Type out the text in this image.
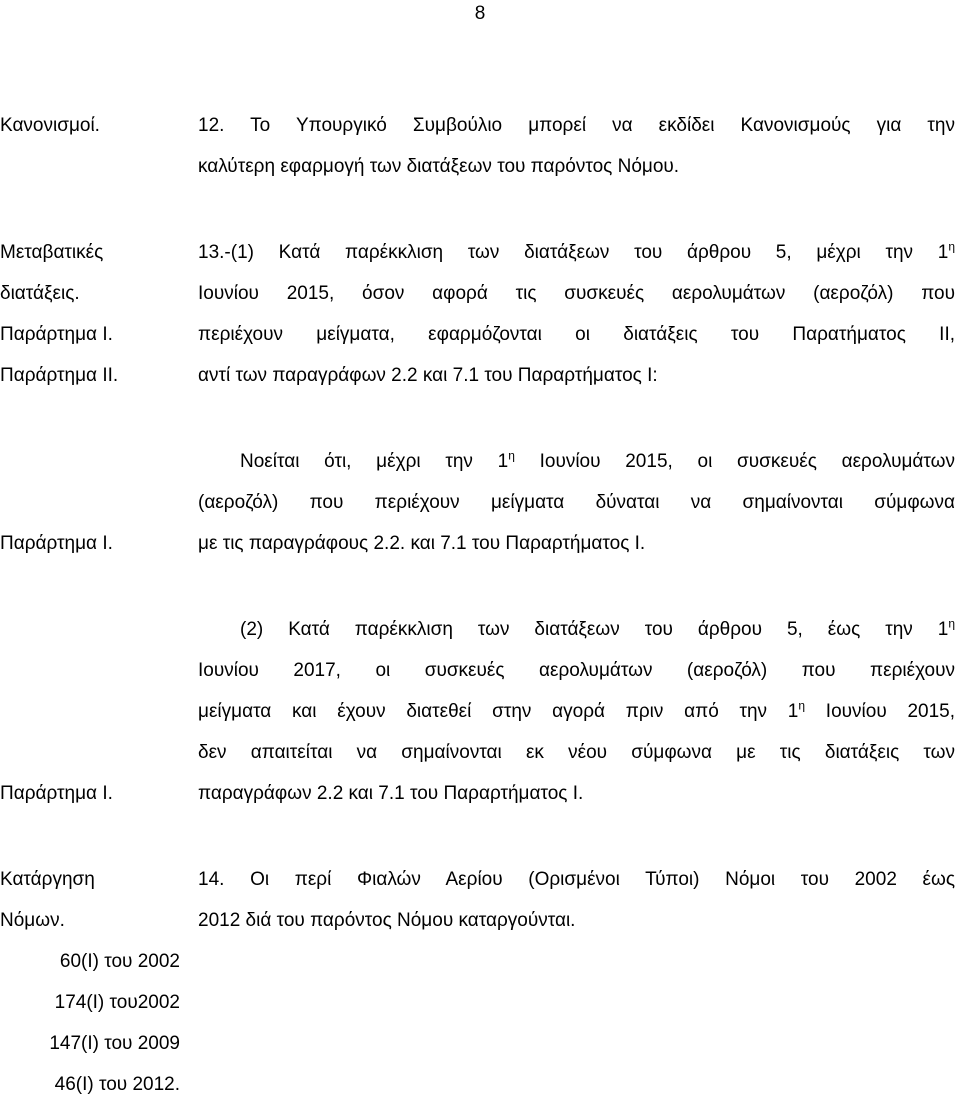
8
Κανονισμοί.	12. Το Υπουργικό Συμβούλιο μπορεί να εκδίδει Κανονισμούς για την
καλύτερη εφαρμογή των διατάξεων του παρόντος Νόμου.
Μεταβατικές
διατάξεις.
Παράρτημα Ι.
Παράρτημα ΙΙ.
13.-(1) Κατά παρέκκλιση των διατάξεων του άρθρου 5, μέχρι την $1^\eta$
Ιουνίου 2015, όσον αφορά τις συσκευές αερολυμάτων (αεροζόλ) που
περιέχουν μείγματα, εφαρμόζονται οι διατάξεις του Παρατήματος ΙΙ,
αντί των παραγράφων 2.2 και 7.1 του Παραρτήματος Ι:
Παράρτημα Ι.
Νοείται ότι, μέχρι την $1^\eta$ Ιουνίου 2015, οι συσκευές αερολυμάτων
(αεροζόλ) που περιέχουν μείγματα δύναται να σημαίνονται σύμφωνα
με τις παραγράφους 2.2. και 7.1 του Παραρτήματος Ι.
Παράρτημα Ι.
(2) Κατά παρέκκλιση των διατάξεων του άρθρου 5, έως την $1^\eta$
Ιουνίου 2017, οι συσκευές αερολυμάτων (αεροζόλ) που περιέχουν
μείγματα και έχουν διατεθεί στην αγορά πριν από την $1^\eta$ Ιουνίου 2015,
δεν απαιτείται να σημαίνονται εκ νέου σύμφωνα με τις διατάξεις των
παραγράφων 2.2 και 7.1 του Παραρτήματος Ι.
Κατάργηση
Νόμων.
60(Ι) του 2002
174(Ι) του2002
147(Ι) του 2009
46(Ι) του 2012.
14. Οι περί Φιαλών Αερίου (Ορισμένοι Τύποι) Νόμοι του 2002 έως
2012 διά του παρόντος Νόμου καταργούνται.
